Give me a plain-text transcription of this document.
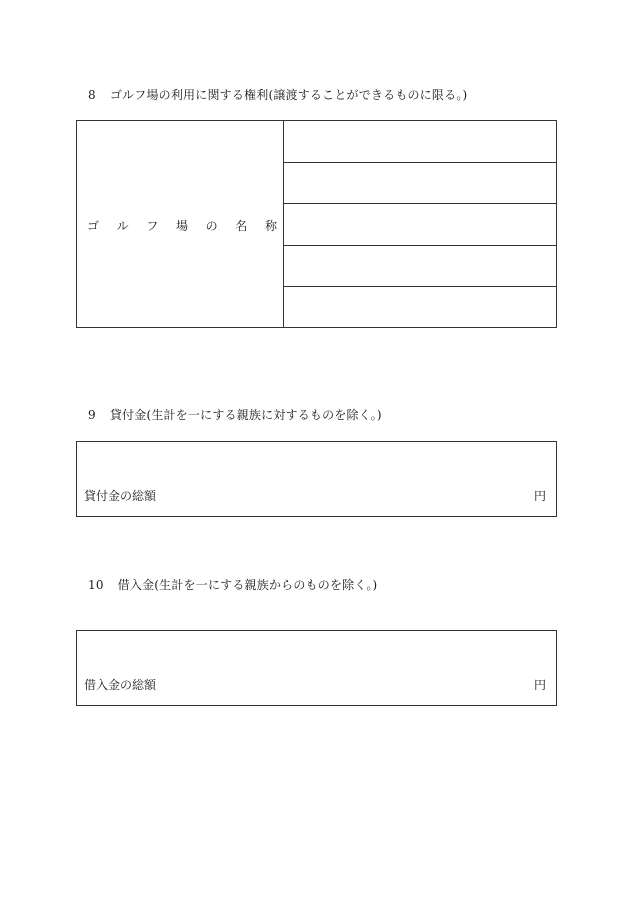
8 ゴルフ場の利用に関する権利(譲渡することができるものに限る。)
ゴ ル フ 場 の 名 称
9 貸付金(生計を一にする親族に対するものを除く。)
貸付金の総額	円
10 借入金(生計を一にする親族からのものを除く。)
借入金の総額	円
